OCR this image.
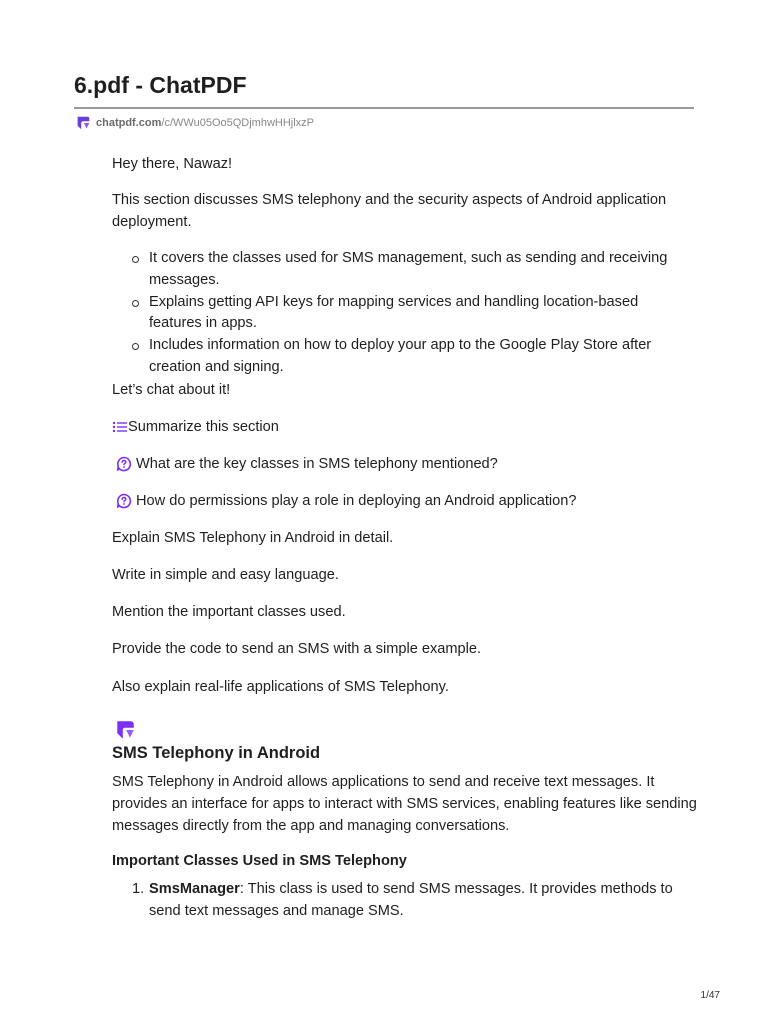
6.pdf - ChatPDF
chatpdf.com /c/WWu05Oo5QDjmhwHHjlxzP

Hey there, Nawaz!

This section discusses SMS telephony and the security aspects of Android application deployment.

It covers the classes used for SMS management, such as sending and receiving messages.
Explains getting API keys for mapping services and handling location-based features in apps.
Includes information on how to deploy your app to the Google Play Store after creation and signing.

Let’s chat about it!

Summarize this section
What are the key classes in SMS telephony mentioned?
How do permissions play a role in deploying an Android application?

Explain SMS Telephony in Android in detail.

Write in simple and easy language.

Mention the important classes used.

Provide the code to send an SMS with a simple example.

Also explain real-life applications of SMS Telephony.

SMS Telephony in Android

SMS Telephony in Android allows applications to send and receive text messages. It provides an interface for apps to interact with SMS services, enabling features like sending messages directly from the app and managing conversations.

Important Classes Used in SMS Telephony
1. SmsManager: This class is used to send SMS messages. It provides methods to send text messages and manage SMS.
1/47
